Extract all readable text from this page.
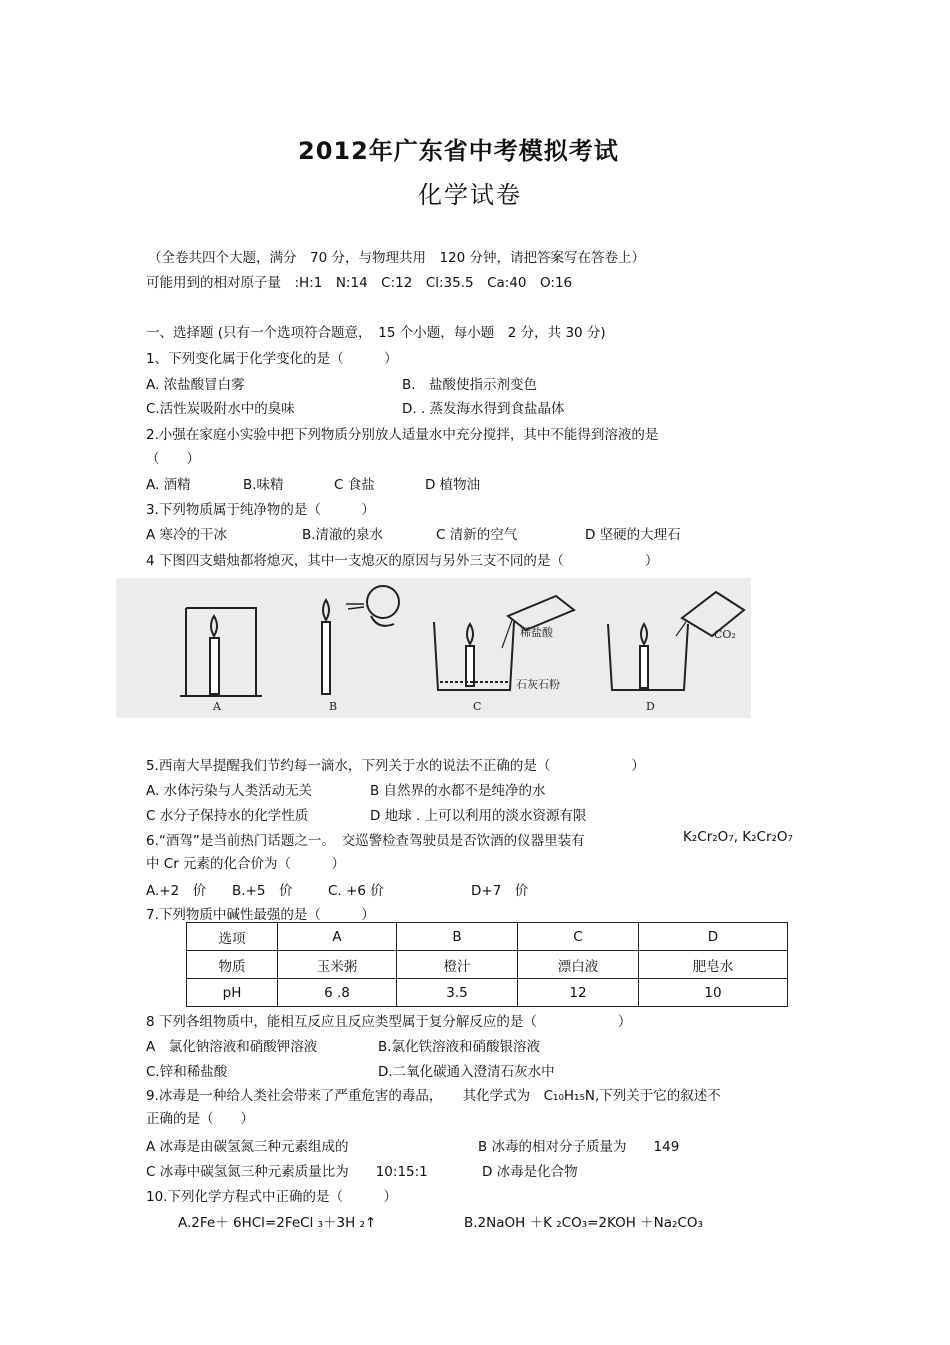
2012年广东省中考模拟考试
化学试卷
（全卷共四个大题，满分　70 分，与物理共用　120 分钟，请把答案写在答卷上）
可能用到的相对原子量　:H:1　N:14　C:12　Cl:35.5　Ca:40　O:16
一、选择题 (只有一个选项符合题意，　15 个小题，每小题　2 分，共 30 分)
1、下列变化属于化学变化的是（　　　）
A. 浓盐酸冒白雾	B.　盐酸使指示剂变色
C.活性炭吸附水中的臭味	D. . 蒸发海水得到食盐晶体
2.小强在家庭小实验中把下列物质分别放人适量水中充分搅拌，其中不能得到溶液的是
（　　）
A. 酒精	B.味精	C 食盐	D 植物油
3.下列物质属于纯净物的是（　　　）
A 寒冷的干冰	B.清澈的泉水	C 清新的空气	D 坚硬的大理石
4 下图四支蜡烛都将熄灭，其中一支熄灭的原因与另外三支不同的是（　　　　　　）
A	B	C	D
稀盐酸
石灰石粉
CO₂
5.西南大旱提醒我们节约每一滴水，下列关于水的说法不正确的是（　　　　　　）
A. 水体污染与人类活动无关	B 自然界的水都不是纯净的水
C 水分子保持水的化学性质	D 地球 . 上可以利用的淡水资源有限
6.“酒驾”是当前热门话题之一。　交巡警检查驾驶员是否饮酒的仪器里装有	K₂Cr₂O₇, K₂Cr₂O₇
中 Cr 元素的化合价为（　　　）
A.+2　价 B.+5　价	C. +6 价	D+7　价
7.下列物质中碱性最强的是（　　　）
选项	A	B	C	D
物质	玉米粥	橙汁	漂白液	肥皂水
pH	6 .8	3.5	12	10
8 下列各组物质中，能相互反应且反应类型属于复分解反应的是（　　　　　　）
A　氯化钠溶液和硝酸钾溶液	B.氯化铁溶液和硝酸银溶液
C.锌和稀盐酸	D.二氧化碳通入澄清石灰水中
9.冰毒是一种给人类社会带来了严重危害的毒品，　　其化学式为　C₁₀H₁₅N,下列关于它的叙述不
正确的是（　　）
A 冰毒是由碳氢氮三种元素组成的	B 冰毒的相对分子质量为　　149
C 冰毒中碳氢氮三种元素质量比为　　10:15:1	D 冰毒是化合物
10.下列化学方程式中正确的是（　　　）
A.2Fe＋ 6HCl=2FeCl ₃＋3H ₂↑	B.2NaOH ＋K ₂CO₃=2KOH ＋Na₂CO₃
